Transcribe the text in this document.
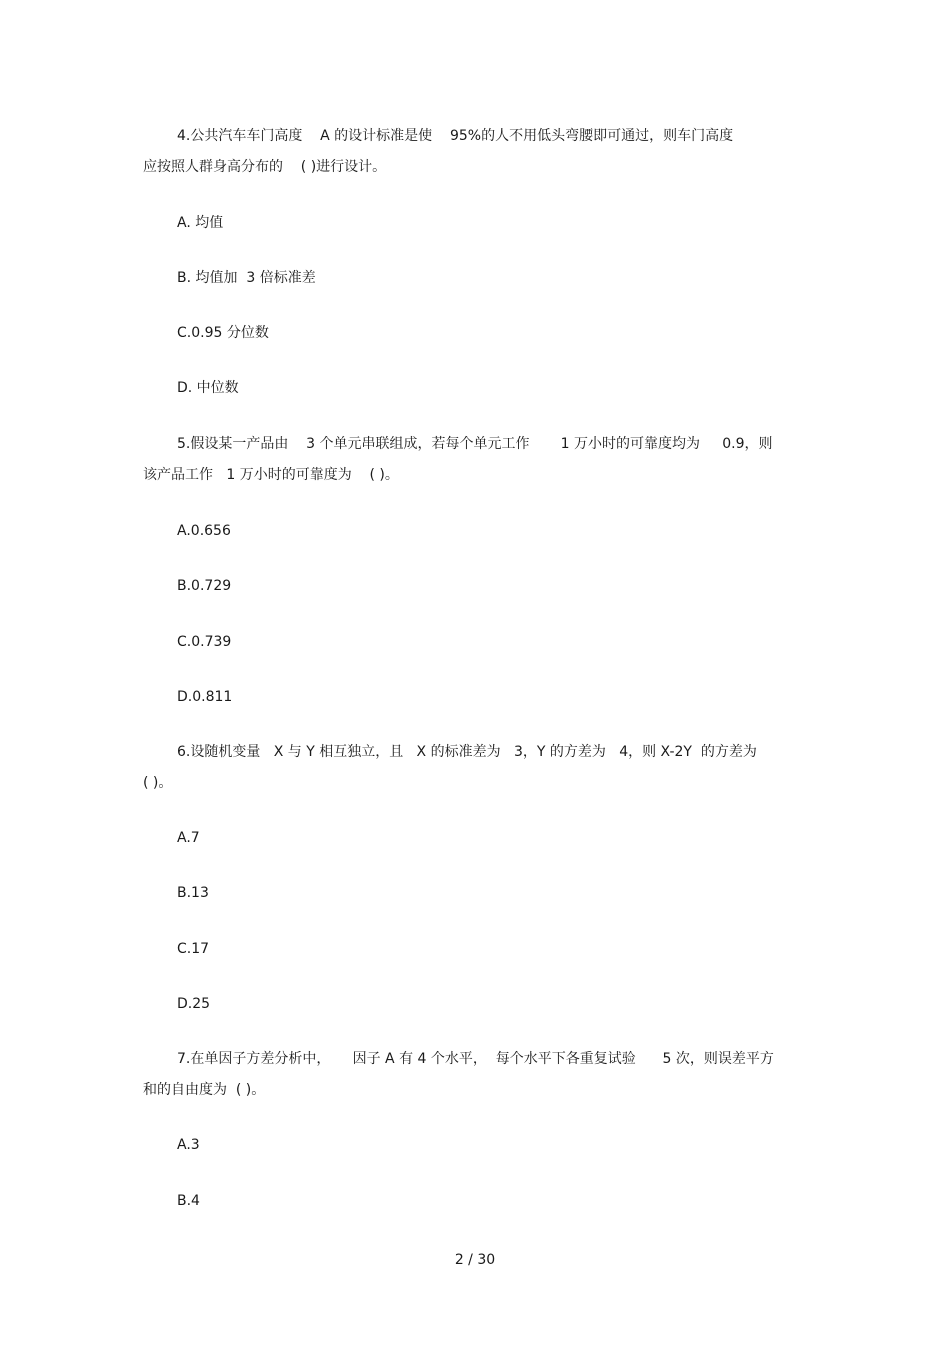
4.公共汽车车门高度    A 的设计标准是使    95%的人不用低头弯腰即可通过，则车门高度
应按照人群身高分布的    ( )进行设计。
A. 均值
B. 均值加  3 倍标准差
C.0.95 分位数
D. 中位数
5.假设某一产品由    3 个单元串联组成，若每个单元工作       1 万小时的可靠度均为     0.9，则
该产品工作   1 万小时的可靠度为    ( )。
A.0.656
B.0.729
C.0.739
D.0.811
6.设随机变量   X 与 Y 相互独立，且   X 的标准差为   3，Y 的方差为   4，则 X-2Y  的方差为
( )。
A.7
B.13
C.17
D.25
7.在单因子方差分析中，     因子 A 有 4 个水平，  每个水平下各重复试验      5 次，则误差平方
和的自由度为  ( )。
A.3
B.4
2 / 30
